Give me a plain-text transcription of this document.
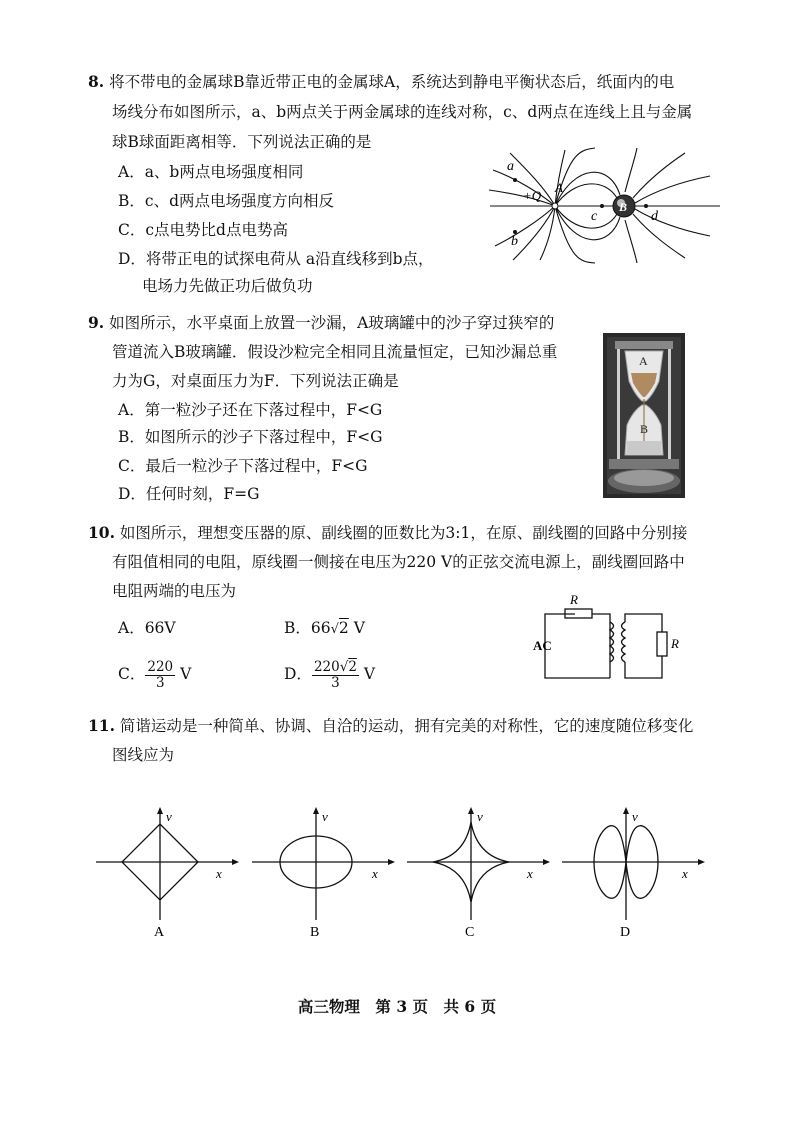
8. 将不带电的金属球B靠近带正电的金属球A，系统达到静电平衡状态后，纸面内的电
场线分布如图所示，a、b两点关于两金属球的连线对称，c、d两点在连线上且与金属
球B球面距离相等．下列说法正确的是
A．a、b两点电场强度相同
B．c、d两点电场强度方向相反
C．c点电势比d点电势高
D．将带正电的试探电荷从 a沿直线移到b点，
电场力先做正功后做负功
a
b
+Q
A
c
B
d
9. 如图所示，水平桌面上放置一沙漏，A玻璃罐中的沙子穿过狭窄的
管道流入B玻璃罐．假设沙粒完全相同且流量恒定，已知沙漏总重
力为G，对桌面压力为F．下列说法正确是
A．第一粒沙子还在下落过程中，F<G
B．如图所示的沙子下落过程中，F<G
C．最后一粒沙子下落过程中，F<G
D．任何时刻，F=G
A
B
10. 如图所示，理想变压器的原、副线圈的匝数比为3:1，在原、副线圈的回路中分别接
有阻值相同的电阻，原线圈一侧接在电压为220 V的正弦交流电源上，副线圈回路中
电阻两端的电压为
A．66V	B．66√2 V
C． $\frac{220}{3}$ V	D． $\frac{220√2}{3}$ V
R
R
AC
11. 简谐运动是一种简单、协调、自洽的运动，拥有完美的对称性，它的速度随位移变化
图线应为
v
x
A
v
x
B
v
x
C
v
x
D
高三物理　第 3 页　共 6 页
